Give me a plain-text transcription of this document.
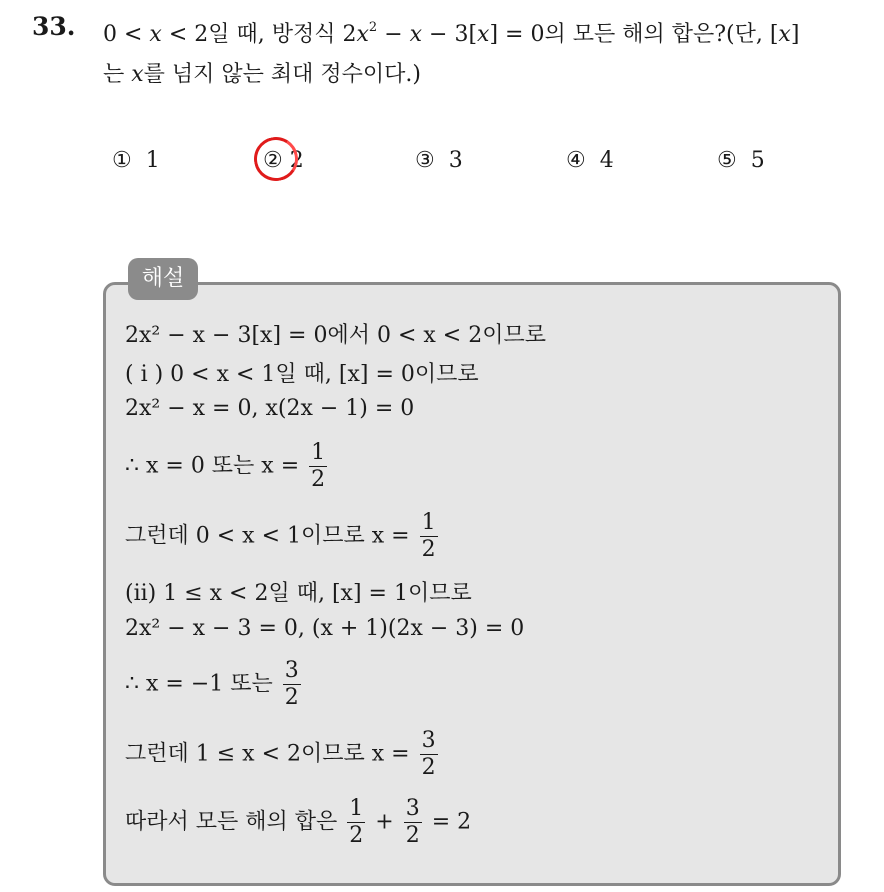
33. 0 < x < 2일 때, 방정식 $2x^2 - x - 3[x] = 0$의 모든 해의 합은?(단, [x]
는 x를 넘지 않는 최대 정수이다.)
① 1	② 2	③ 3	④ 4	⑤ 5
해설
2x² − x − 3[x] = 0에서 0 < x < 2이므로
( i ) 0 < x < 1일 때, [x] = 0이므로
2x² − x = 0, x(2x − 1) = 0
∴ x = 0 또는 $x = \frac{1}{2}$
그런데 0 < x < 1이므로 $x = \frac{1}{2}$
(ii) 1 ≤ x < 2일 때, [x] = 1이므로
2x² − x − 3 = 0, (x + 1)(2x − 3) = 0
∴ x = −1 또는 $\frac{3}{2}$
그런데 1 ≤ x < 2이므로 $x = \frac{3}{2}$
따라서 모든 해의 합은 $\frac{1}{2} + \frac{3}{2} = 2$
